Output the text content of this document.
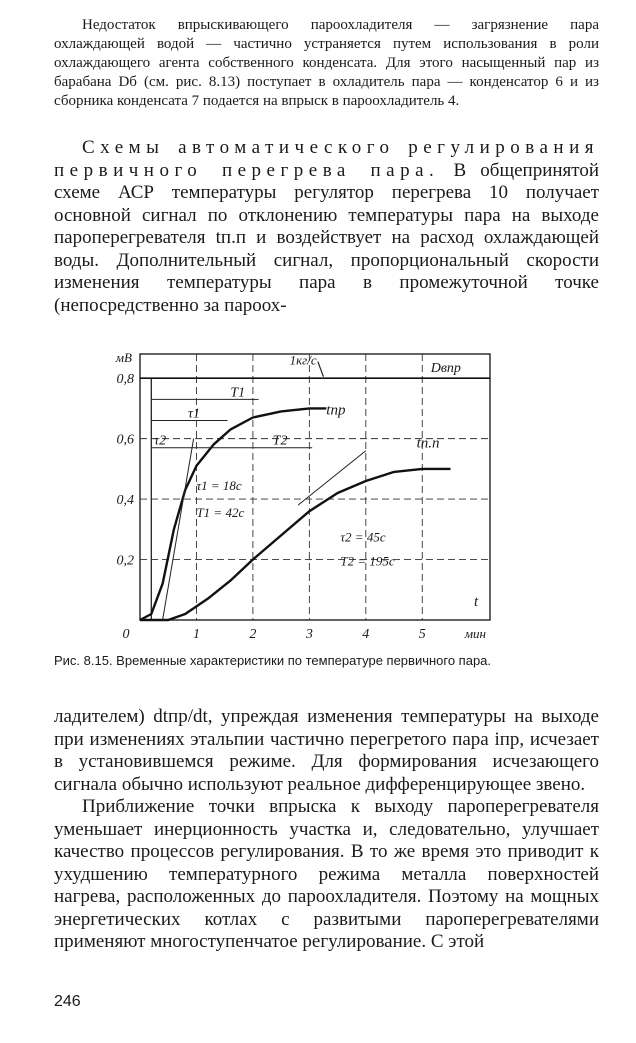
Недостаток впрыскивающего пароохладителя — загрязнение пара охлаждающей водой — частично устраняется путем использования в роли охлаждающего агента собственного конденсата. Для этого насыщенный пар из барабана Dб (см. рис. 8.13) поступает в охладитель пара — конденсатор 6 и из сборника конденсата 7 подается на впрыск в пароохладитель 4.

Схемы автоматического регулирования первичного перегрева пара. В общепринятой схеме АСР температуры регулятор перегрева 10 получает основной сигнал по отклонению температуры пара на выходе пароперегревателя tп.п и воздействует на расход охлаждающей воды. Дополнительный сигнал, пропорциональный скорости изменения температуры пара в промежуточной точке (непосредственно за пароох-

0,2
0,4
0,6
0,8
0	1	2	3	4	5
мВ
мин
t
1кг/с
Dвпр
tпр
tп.п
T1
τ1
τ2	T2
τ1 = 18с
T1 = 42с
τ2 = 45с
T2 = 195с
Рис. 8.15. Временные характеристики по температуре первичного пара.

ладителем) dtпр/dt, упреждая изменения температуры на выходе при изменениях этальпии частично перегретого пара iпр, исчезает в установившемся режиме. Для формирования исчезающего сигнала обычно используют реальное дифференцирующее звено.

Приближение точки впрыска к выходу пароперегревателя уменьшает инерционность участка и, следовательно, улучшает качество процессов регулирования. В то же время это приводит к ухудшению температурного режима металла поверхностей нагрева, расположенных до пароохладителя. Поэтому на мощных энергетических котлах с развитыми пароперегревателями применяют многоступенчатое регулирование. С этой

246
